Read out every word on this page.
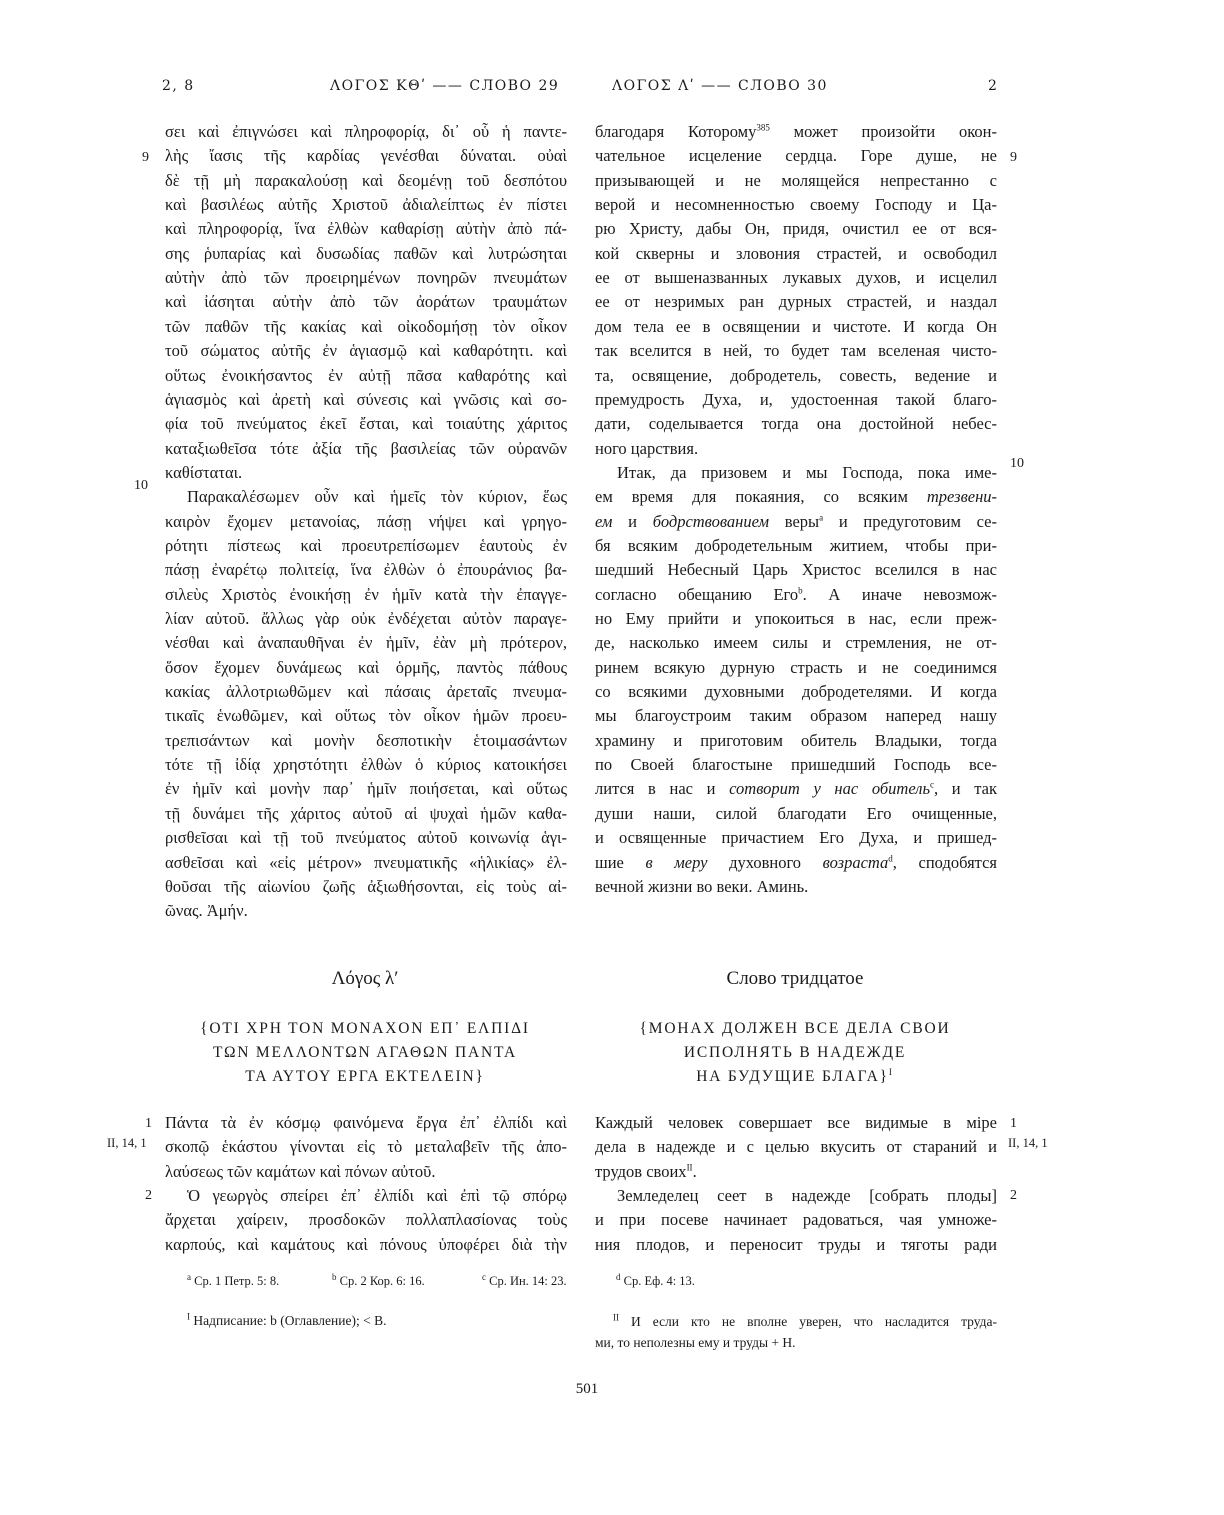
2, 8	ΛΟΓΟΣ ΚΘʹ —— СЛОВО 29	ΛΟΓΟΣ Λʹ —— СЛОВО 30	2
σει καὶ ἐπιγνώσει καὶ πληροφορίᾳ, δι᾿ οὗ ἡ παντε-
λὴς ἴασις τῆς καρδίας γενέσθαι δύναται. οὐαὶ
δὲ τῇ μὴ παρακαλούσῃ καὶ δεομένῃ τοῦ δεσπότου
καὶ βασιλέως αὐτῆς Χριστοῦ ἀδιαλείπτως ἐν πίστει
καὶ πληροφορίᾳ, ἵνα ἐλθὼν καθαρίσῃ αὐτὴν ἀπὸ πά-
σης ῥυπαρίας καὶ δυσωδίας παθῶν καὶ λυτρώσηται
αὐτὴν ἀπὸ τῶν προειρημένων πονηρῶν πνευμάτων
καὶ ἰάσηται αὐτὴν ἀπὸ τῶν ἀοράτων τραυμάτων
τῶν παθῶν τῆς κακίας καὶ οἰκοδομήσῃ τὸν οἶκον
τοῦ σώματος αὐτῆς ἐν ἁγιασμῷ καὶ καθαρότητι. καὶ
οὕτως ἐνοικήσαντος ἐν αὐτῇ πᾶσα καθαρότης καὶ
ἁγιασμὸς καὶ ἀρετὴ καὶ σύνεσις καὶ γνῶσις καὶ σο-
φία τοῦ πνεύματος ἐκεῖ ἔσται, καὶ τοιαύτης χάριτος
καταξιωθεῖσα τότε ἀξία τῆς βασιλείας τῶν οὐρανῶν
καθίσταται.
Παρακαλέσωμεν οὖν καὶ ἡμεῖς τὸν κύριον, ἕως
καιρὸν ἔχομεν μετανοίας, πάσῃ νήψει καὶ γρηγο-
ρότητι πίστεως καὶ προευτρεπίσωμεν ἑαυτοὺς ἐν
πάσῃ ἐναρέτῳ πολιτείᾳ, ἵνα ἐλθὼν ὁ ἐπουράνιος βα-
σιλεὺς Χριστὸς ἐνοικήσῃ ἐν ἡμῖν κατὰ τὴν ἐπαγγε-
λίαν αὐτοῦ. ἄλλως γὰρ οὐκ ἐνδέχεται αὐτὸν παραγε-
νέσθαι καὶ ἀναπαυθῆναι ἐν ἡμῖν, ἐὰν μὴ πρότερον,
ὅσον ἔχομεν δυνάμεως καὶ ὁρμῆς, παντὸς πάθους
κακίας ἀλλοτριωθῶμεν καὶ πάσαις ἀρεταῖς πνευμα-
τικαῖς ἑνωθῶμεν, καὶ οὕτως τὸν οἶκον ἡμῶν προευ-
τρεπισάντων καὶ μονὴν δεσποτικὴν ἑτοιμασάντων
τότε τῇ ἰδίᾳ χρηστότητι ἐλθὼν ὁ κύριος κατοικήσει
ἐν ἡμῖν καὶ μονὴν παρ᾿ ἡμῖν ποιήσεται, καὶ οὕτως
τῇ δυνάμει τῆς χάριτος αὐτοῦ αἱ ψυχαὶ ἡμῶν καθα-
ρισθεῖσαι καὶ τῇ τοῦ πνεύματος αὐτοῦ κοινωνίᾳ ἁγι-
ασθεῖσαι καὶ «εἰς μέτρον» πνευματικῆς «ἡλικίας» ἐλ-
θοῦσαι τῆς αἰωνίου ζωῆς ἀξιωθήσονται, εἰς τοὺς αἰ-
ῶνας. Ἀμήν.
благодаря Которому$^{385}$ может произойти окон-
чательное исцеление сердца. Горе душе, не
призывающей и не молящейся непрестанно с
верой и несомненностью своему Господу и Ца-
рю Христу, дабы Он, придя, очистил ее от вся-
кой скверны и зловония страстей, и освободил
ее от вышеназванных лукавых духов, и исцелил
ее от незримых ран дурных страстей, и наздал
дом тела ее в освящении и чистоте. И когда Он
так вселится в ней, то будет там вселеная чисто-
та, освящение, добродетель, совесть, ведение и
премудрость Духа, и, удостоенная такой благо-
дати, соделывается тогда она достойной небес-
ного царствия.
Итак, да призовем и мы Господа, пока име-
ем время для покаяния, со всяким трезвени-
ем и бодрствованием веры$^a$ и предуготовим се-
бя всяким добродетельным житием, чтобы при-
шедший Небесный Царь Христос вселился в нас
согласно обещанию Его$^b$. А иначе невозмож-
но Ему прийти и упокоиться в нас, если преж-
де, насколько имеем силы и стремления, не от-
ринем всякую дурную страсть и не соединимся
со всякими духовными добродетелями. И когда
мы благоустроим таким образом наперед нашу
храмину и приготовим обитель Владыки, тогда
по Своей благостыне пришедший Господь все-
лится в нас и сотворит у нас обитель$^c$, и так
души наши, силой благодати Его очищенные,
и освященные причастием Его Духа, и пришед-
шие в меру духовного возраста$^d$, сподобятся
вечной жизни во веки. Аминь.
9	9
10
10
Λόγος λʹ	Слово тридцатое
{ΟΤΙ ΧΡΗ ΤΟΝ ΜΟΝΑΧΟΝ ΕΠ᾿ ΕΛΠΙΔΙ
ΤΩΝ ΜΕΛΛΟΝΤΩΝ ΑΓΑΘΩΝ ΠΑΝΤΑ
ΤΑ ΑΥΤΟΥ ΕΡΓΑ ΕΚΤΕΛΕΙΝ}
{МОНАХ ДОЛЖЕН ВСЕ ДЕЛА СВОИ
ИСПОЛНЯТЬ В НАДЕЖДЕ
НА БУДУЩИЕ БЛАГА}$^I$
Πάντα τὰ ἐν κόσμῳ φαινόμενα ἔργα ἐπ᾿ ἐλπίδι καὶ
σκοπῷ ἑκάστου γίνονται εἰς τὸ μεταλαβεῖν τῆς ἀπο-
λαύσεως τῶν καμάτων καὶ πόνων αὐτοῦ.
Ὁ γεωργὸς σπείρει ἐπ᾿ ἐλπίδι καὶ ἐπὶ τῷ σπόρῳ
ἄρχεται χαίρειν, προσδοκῶν πολλαπλασίονας τοὺς
καρπούς, καὶ καμάτους καὶ πόνους ὑποφέρει διὰ τὴν
Каждый человек совершает все видимые в міре
дела в надежде и с целью вкусить от стараний и
трудов своих$^{II}$.
Земледелец сеет в надежде [собрать плоды]
и при посеве начинает радоваться, чая умноже-
ния плодов, и переносит труды и тяготы ради
1
II, 14, 1
2
1
II, 14, 1
2
$^a$ Ср. 1 Петр. 5: 8.	$^b$ Ср. 2 Кор. 6: 16.	$^c$ Ср. Ин. 14: 23.	$^d$ Ср. Еф. 4: 13.
$^I$ Надписание: b (Оглавление); < B.	$^{II}$ И если кто не вполне уверен, что насладится труда-
ми, то неполезны ему и труды + H.
501
